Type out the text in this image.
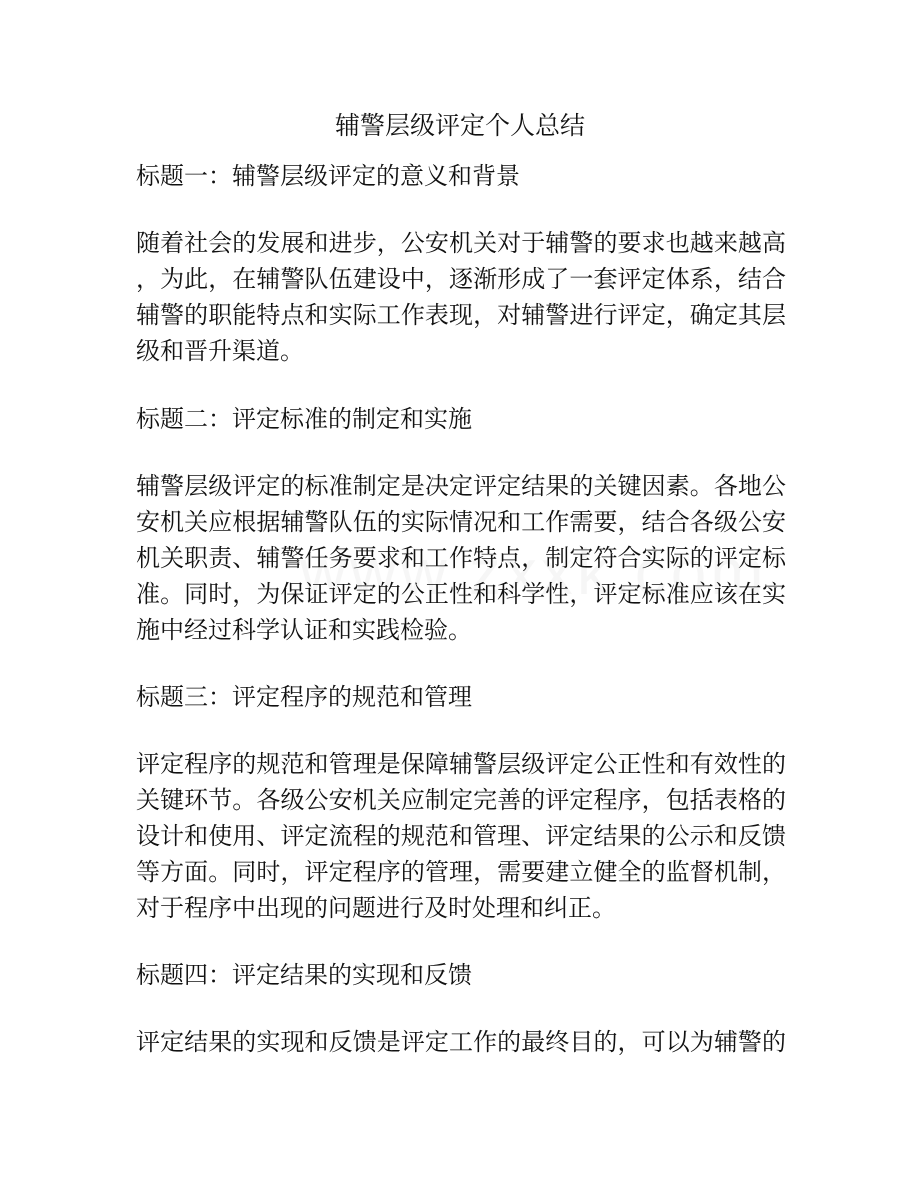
辅警层级评定个人总结
标题一：辅警层级评定的意义和背景
随着社会的发展和进步，公安机关对于辅警的要求也越来越高
，为此，在辅警队伍建设中，逐渐形成了一套评定体系，结合
辅警的职能特点和实际工作表现，对辅警进行评定，确定其层
级和晋升渠道。
标题二：评定标准的制定和实施
辅警层级评定的标准制定是决定评定结果的关键因素。各地公
安机关应根据辅警队伍的实际情况和工作需要，结合各级公安
机关职责、辅警任务要求和工作特点，制定符合实际的评定标
准。同时，为保证评定的公正性和科学性，评定标准应该在实
施中经过科学认证和实践检验。
标题三：评定程序的规范和管理
评定程序的规范和管理是保障辅警层级评定公正性和有效性的
关键环节。各级公安机关应制定完善的评定程序，包括表格的
设计和使用、评定流程的规范和管理、评定结果的公示和反馈
等方面。同时，评定程序的管理，需要建立健全的监督机制，
对于程序中出现的问题进行及时处理和纠正。
标题四：评定结果的实现和反馈
评定结果的实现和反馈是评定工作的最终目的，可以为辅警的
